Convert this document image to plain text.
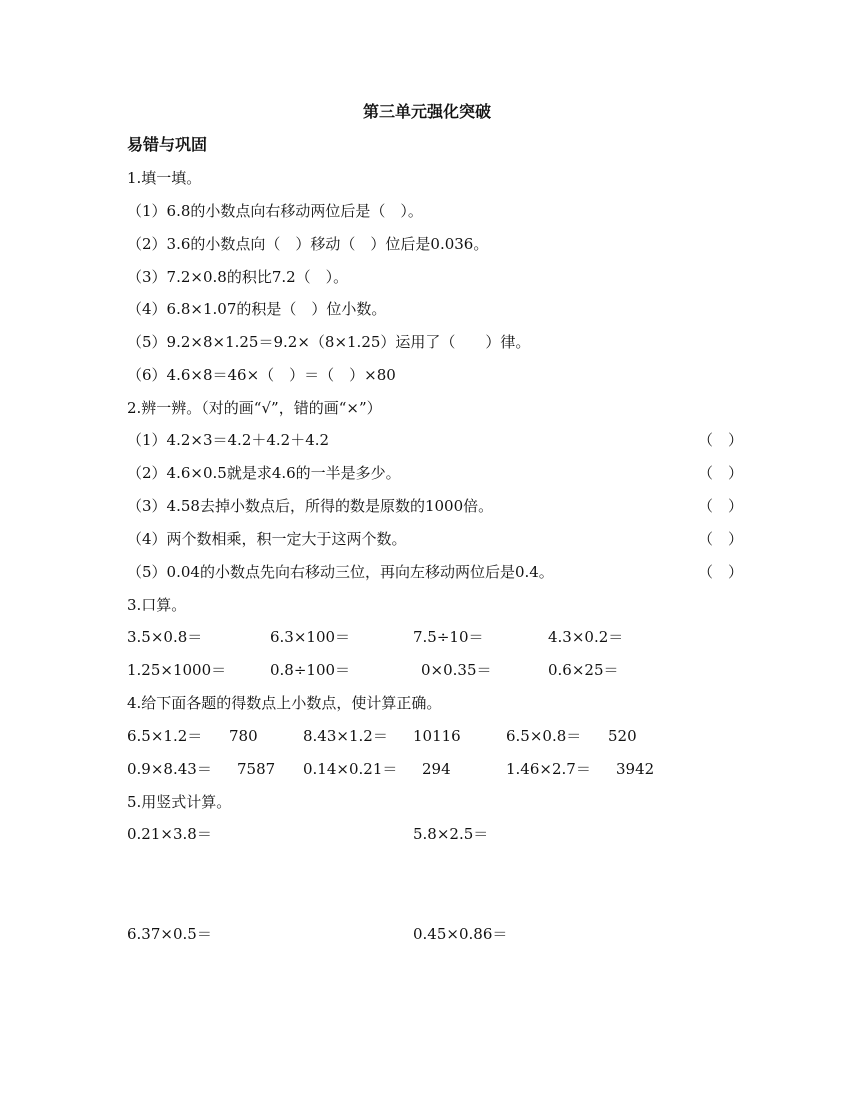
第三单元强化突破
易错与巩固
1.填一填。
（1）6.8的小数点向右移动两位后是（　）。
（2）3.6的小数点向（　）移动（　）位后是0.036。
（3）7.2×0.8的积比7.2（　）。
（4）6.8×1.07的积是（　）位小数。
（5）9.2×8×1.25＝9.2×（8×1.25）运用了（　　）律。
（6）4.6×8＝46×（　）＝（　）×80
2.辨一辨。（对的画“√”，错的画“×”）
（1）4.2×3＝4.2＋4.2＋4.2	（　）
（2）4.6×0.5就是求4.6的一半是多少。	（　）
（3）4.58去掉小数点后，所得的数是原数的1000倍。	（　）
（4）两个数相乘，积一定大于这两个数。	（　）
（5）0.04的小数点先向右移动三位，再向左移动两位后是0.4。	（　）
3.口算。
3.5×0.8＝	6.3×100＝	7.5÷10＝	4.3×0.2＝
1.25×1000＝	0.8÷100＝	0×0.35＝	0.6×25＝
4.给下面各题的得数点上小数点，使计算正确。
6.5×1.2＝ 780	8.43×1.2＝ 10116	6.5×0.8＝ 520
0.9×8.43＝ 7587 0.14×0.21＝ 294	1.46×2.7＝ 3942
5.用竖式计算。
0.21×3.8＝	5.8×2.5＝
6.37×0.5＝	0.45×0.86＝
